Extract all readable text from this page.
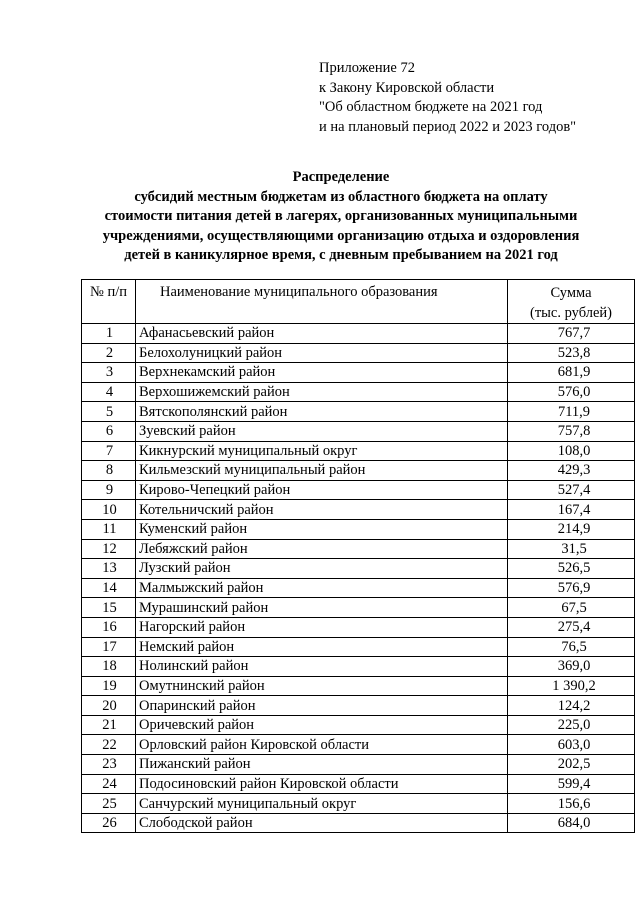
Приложение 72
к Закону Кировской области
"Об областном бюджете на 2021 год
и на плановый период 2022 и 2023 годов"
Распределение
субсидий местным бюджетам из областного бюджета на оплату
стоимости питания детей в лагерях, организованных муниципальными
учреждениями, осуществляющими организацию отдыха и оздоровления
детей в каникулярное время, с дневным пребыванием на 2021 год
№ п/п	Наименование муниципального образования	Сумма
(тыс. рублей)

1	Афанасьевский район	767,7
2	Белохолуницкий район	523,8
3	Верхнекамский район	681,9
4	Верхошижемский район	576,0
5	Вятскополянский район	711,9
6	Зуевский район	757,8
7	Кикнурский муниципальный округ	108,0
8	Кильмезский муниципальный район	429,3
9	Кирово-Чепецкий район	527,4
10	Котельничский район	167,4
11	Куменский район	214,9
12	Лебяжский район	31,5
13	Лузский район	526,5
14	Малмыжский район	576,9
15	Мурашинский район	67,5
16	Нагорский район	275,4
17	Немский район	76,5
18	Нолинский район	369,0
19	Омутнинский район	1 390,2
20	Опаринский район	124,2
21	Оричевский район	225,0
22	Орловский район Кировской области	603,0
23	Пижанский район	202,5
24	Подосиновский район Кировской области	599,4
25	Санчурский муниципальный округ	156,6
26	Слободской район	684,0
